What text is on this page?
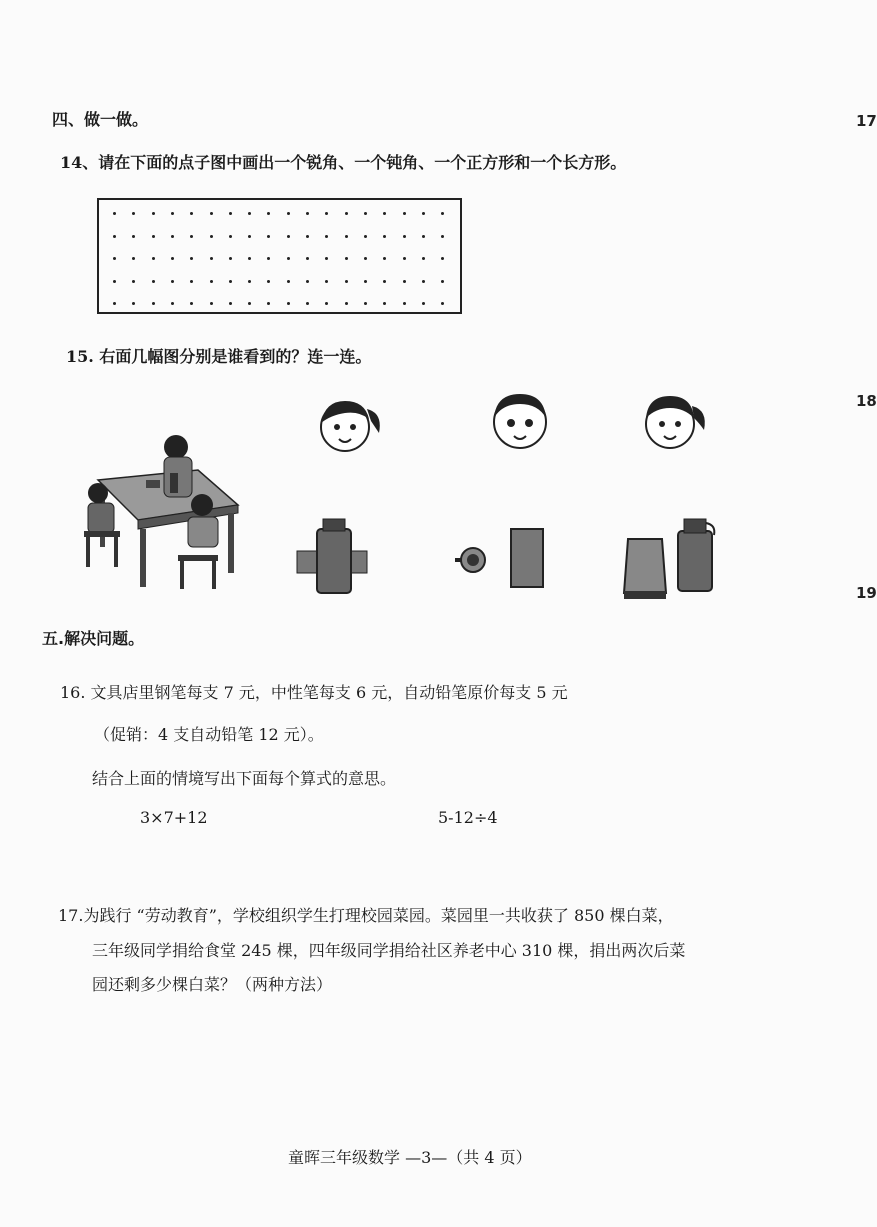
17
18
19
四、做一做。
14、请在下面的点子图中画出一个锐角、一个钝角、一个正方形和一个长方形。
15. 右面几幅图分别是谁看到的？连一连。
五.解决问题。
16. 文具店里钢笔每支 7 元，中性笔每支 6 元，自动铅笔原价每支 5 元
（促销：4 支自动铅笔 12 元）。
结合上面的情境写出下面每个算式的意思。
3×7+12	5-12÷4
17.为践行 “劳动教育”，学校组织学生打理校园菜园。菜园里一共收获了 850 棵白菜，
三年级同学捐给食堂 245 棵，四年级同学捐给社区养老中心 310 棵，捐出两次后菜
园还剩多少棵白菜？（两种方法）
童晖三年级数学 —3—（共 4 页）
